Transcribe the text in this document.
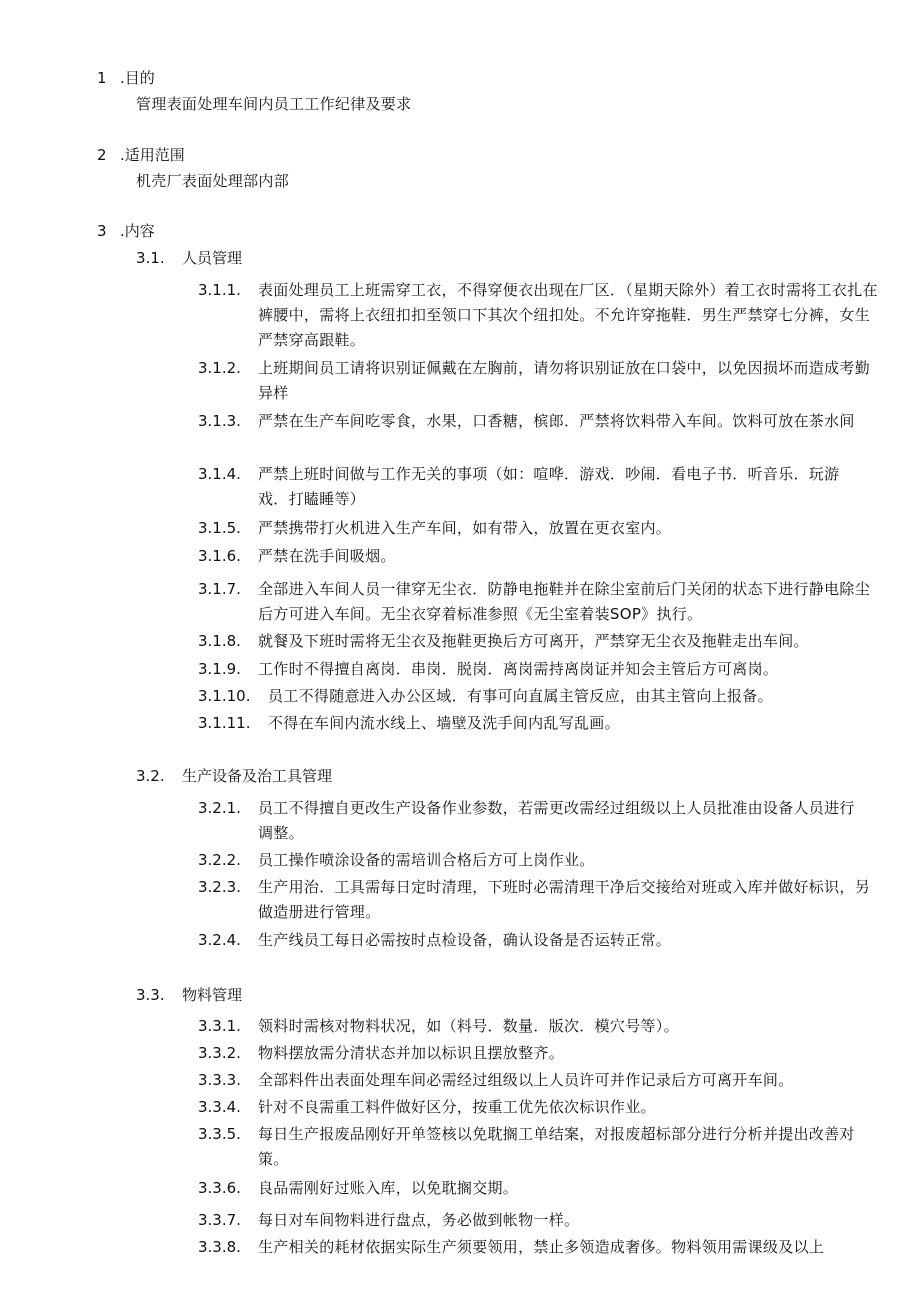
1 .目的
管理表面处理车间内员工工作纪律及要求
2 .适用范围
机壳厂表面处理部内部
3 .内容
3.1. 人员管理
3.1.1. 表面处理员工上班需穿工衣，不得穿便衣出现在厂区．（星期天除外）着工衣时需将工衣扎在裤腰中，需将上衣纽扣扣至领口下其次个纽扣处。不允许穿拖鞋．男生严禁穿七分裤，女生严禁穿高跟鞋。
3.1.2. 上班期间员工请将识别证佩戴在左胸前，请勿将识别证放在口袋中，以免因损坏而造成考勤异样
3.1.3. 严禁在生产车间吃零食，水果，口香糖，槟郎．严禁将饮料带入车间。饮料可放在茶水间
3.1.4. 严禁上班时间做与工作无关的事项（如：喧哗．游戏．吵闹．看电子书．听音乐．玩游戏．打瞌睡等）
3.1.5. 严禁携带打火机进入生产车间，如有带入，放置在更衣室内。
3.1.6. 严禁在洗手间吸烟。
3.1.7. 全部进入车间人员一律穿无尘衣．防静电拖鞋并在除尘室前后门关闭的状态下进行静电除尘后方可进入车间。无尘衣穿着标准参照《无尘室着装SOP》执行。
3.1.8. 就餐及下班时需将无尘衣及拖鞋更换后方可离开，严禁穿无尘衣及拖鞋走出车间。
3.1.9. 工作时不得擅自离岗．串岗．脱岗．离岗需持离岗证并知会主管后方可离岗。
3.1.10. 员工不得随意进入办公区域．有事可向直属主管反应，由其主管向上报备。
3.1.11. 不得在车间内流水线上、墙壁及洗手间内乱写乱画。
3.2. 生产设备及治工具管理
3.2.1. 员工不得擅自更改生产设备作业参数，若需更改需经过组级以上人员批准由设备人员进行调整。
3.2.2. 员工操作喷涂设备的需培训合格后方可上岗作业。
3.2.3. 生产用治．工具需每日定时清理，下班时必需清理干净后交接给对班或入库并做好标识，另做造册进行管理。
3.2.4. 生产线员工每日必需按时点检设备，确认设备是否运转正常。
3.3. 物料管理
3.3.1. 领料时需核对物料状况，如（料号．数量．版次．模穴号等）。
3.3.2. 物料摆放需分清状态并加以标识且摆放整齐。
3.3.3. 全部料件出表面处理车间必需经过组级以上人员许可并作记录后方可离开车间。
3.3.4. 针对不良需重工料件做好区分，按重工优先依次标识作业。
3.3.5. 每日生产报废品刚好开单签核以免耽搁工单结案，对报废超标部分进行分析并提出改善对策。
3.3.6. 良品需刚好过账入库，以免耽搁交期。
3.3.7. 每日对车间物料进行盘点，务必做到帐物一样。
3.3.8. 生产相关的耗材依据实际生产须要领用，禁止多领造成奢侈。物料领用需课级及以上
